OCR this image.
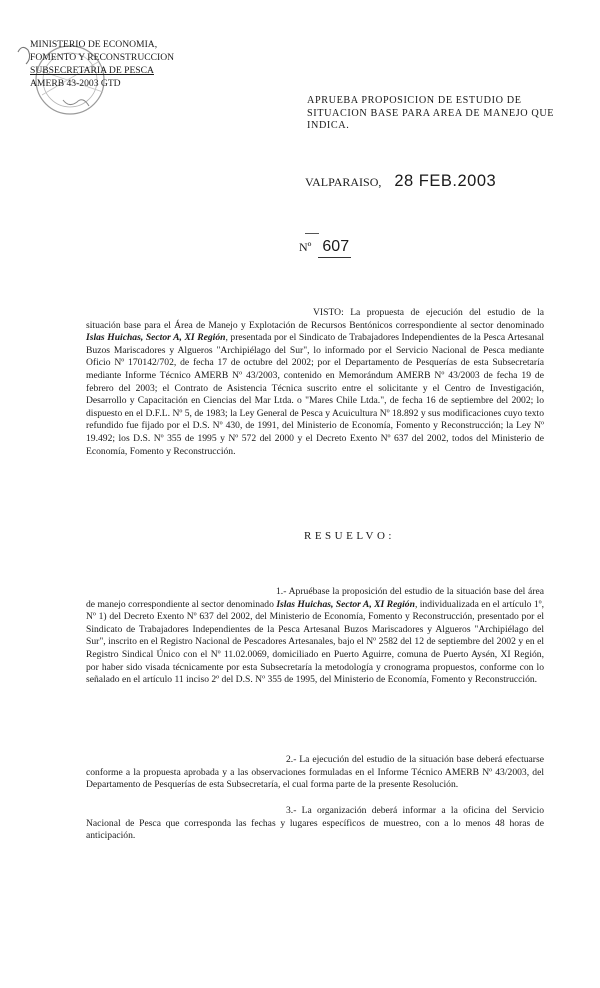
MINISTERIO DE ECONOMIA,
FOMENTO Y RECONSTRUCCION
SUBSECRETARIA DE PESCA
AMERB 43-2003 GTD
APRUEBA PROPOSICION DE ESTUDIO DE SITUACION BASE PARA AREA DE MANEJO QUE INDICA.
VALPARAISO, 28 FEB.2003
Nº 607
VISTO: La propuesta de ejecución del estudio de la situación base para el Área de Manejo y Explotación de Recursos Bentónicos correspondiente al sector denominado Islas Huichas, Sector A, XI Región, presentada por el Sindicato de Trabajadores Independientes de la Pesca Artesanal Buzos Mariscadores y Algueros "Archipiélago del Sur", lo informado por el Servicio Nacional de Pesca mediante Oficio Nº 170142/702, de fecha 17 de octubre del 2002; por el Departamento de Pesquerías de esta Subsecretaría mediante Informe Técnico AMERB Nº 43/2003, contenido en Memorándum AMERB Nº 43/2003 de fecha 19 de febrero del 2003; el Contrato de Asistencia Técnica suscrito entre el solicitante y el Centro de Investigación, Desarrollo y Capacitación en Ciencias del Mar Ltda. o "Mares Chile Ltda.", de fecha 16 de septiembre del 2002; lo dispuesto en el D.F.L. Nº 5, de 1983; la Ley General de Pesca y Acuicultura Nº 18.892 y sus modificaciones cuyo texto refundido fue fijado por el D.S. Nº 430, de 1991, del Ministerio de Economía, Fomento y Reconstrucción; la Ley Nº 19.492; los D.S. Nº 355 de 1995 y Nº 572 del 2000 y el Decreto Exento Nº 637 del 2002, todos del Ministerio de Economía, Fomento y Reconstrucción.
RESUELVO:
1.- Apruébase la proposición del estudio de la situación base del área de manejo correspondiente al sector denominado Islas Huichas, Sector A, XI Región, individualizada en el artículo 1º, Nº 1) del Decreto Exento Nº 637 del 2002, del Ministerio de Economía, Fomento y Reconstrucción, presentado por el Sindicato de Trabajadores Independientes de la Pesca Artesanal Buzos Mariscadores y Algueros "Archipiélago del Sur", inscrito en el Registro Nacional de Pescadores Artesanales, bajo el Nº 2582 del 12 de septiembre del 2002 y en el Registro Sindical Único con el Nº 11.02.0069, domiciliado en Puerto Aguirre, comuna de Puerto Aysén, XI Región, por haber sido visada técnicamente por esta Subsecretaría la metodología y cronograma propuestos, conforme con lo señalado en el artículo 11 inciso 2º del D.S. Nº 355 de 1995, del Ministerio de Economía, Fomento y Reconstrucción.
2.- La ejecución del estudio de la situación base deberá efectuarse conforme a la propuesta aprobada y a las observaciones formuladas en el Informe Técnico AMERB Nº 43/2003, del Departamento de Pesquerías de esta Subsecretaría, el cual forma parte de la presente Resolución.
3.- La organización deberá informar a la oficina del Servicio Nacional de Pesca que corresponda las fechas y lugares específicos de muestreo, con a lo menos 48 horas de anticipación.
